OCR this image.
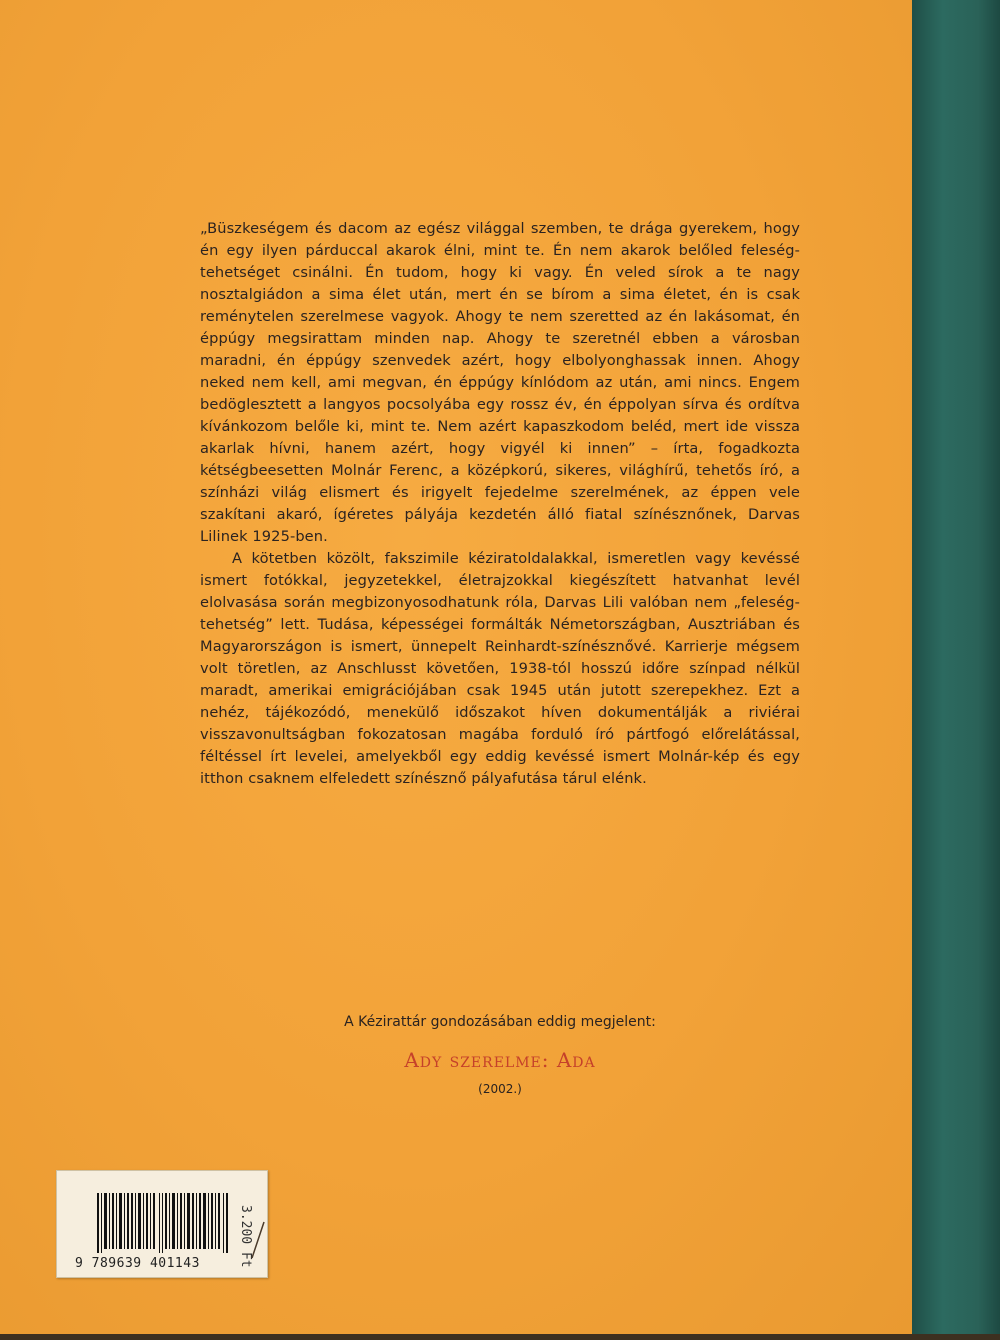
„Büszkeségem és dacom az egész világgal szemben, te drága gyerekem, hogy én egy ilyen párduccal akarok élni, mint te. Én nem akarok belőled feleség-tehetséget csinálni. Én tudom, hogy ki vagy. Én veled sírok a te nagy nosztalgiádon a sima élet után, mert én se bírom a sima életet, én is csak reménytelen szerelmese vagyok. Ahogy te nem szeretted az én lakásomat, én éppúgy megsirattam minden nap. Ahogy te szeretnél ebben a városban maradni, én éppúgy szenvedek azért, hogy elbolyonghassak innen. Ahogy neked nem kell, ami megvan, én éppúgy kínlódom az után, ami nincs. Engem bedöglesztett a langyos pocsolyába egy rossz év, én éppolyan sírva és ordítva kívánkozom belőle ki, mint te. Nem azért kapaszkodom beléd, mert ide vissza akarlak hívni, hanem azért, hogy vigyél ki innen” – írta, fogadkozta kétségbeesetten Molnár Ferenc, a középkorú, sikeres, világhírű, tehetős író, a színházi világ elismert és irigyelt fejedelme szerelmének, az éppen vele szakítani akaró, ígéretes pályája kezdetén álló fiatal színésznőnek, Darvas Lilinek 1925-ben.

A kötetben közölt, fakszimile kéziratoldalakkal, ismeretlen vagy kevéssé ismert fotókkal, jegyzetekkel, életrajzokkal kiegészített hatvanhat levél elolvasása során megbizonyosodhatunk róla, Darvas Lili valóban nem „feleség-tehetség” lett. Tudása, képességei formálták Németországban, Ausztriában és Magyarországon is ismert, ünnepelt Reinhardt-színésznővé. Karrierje mégsem volt töretlen, az Anschlusst követően, 1938-tól hosszú időre színpad nélkül maradt, amerikai emigrációjában csak 1945 után jutott szerepekhez. Ezt a nehéz, tájékozódó, menekülő időszakot híven dokumentálják a riviérai visszavonultságban fokozatosan magába forduló író pártfogó előrelátással, féltéssel írt levelei, amelyekből egy eddig kevéssé ismert Molnár-kép és egy itthon csaknem elfeledett színésznő pályafutása tárul elénk.

A Kézirattár gondozásában eddig megjelent:
Ady szerelme: Ada
(2002.)
9 789639 401143	3.200 Ft
